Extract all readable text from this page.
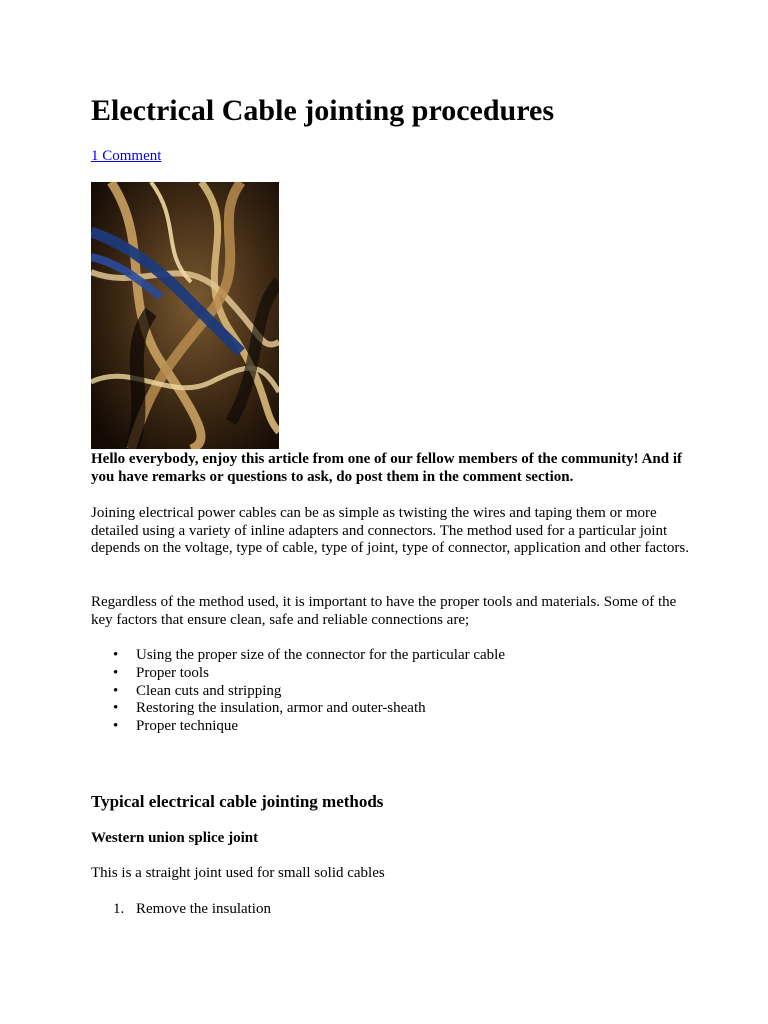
Electrical Cable jointing procedures
1 Comment

Hello everybody, enjoy this article from one of our fellow members of the community! And if you have remarks or questions to ask, do post them in the comment section.

Joining electrical power cables can be as simple as twisting the wires and taping them or more detailed using a variety of inline adapters and connectors. The method used for a particular joint depends on the voltage, type of cable, type of joint, type of connector, application and other factors.

Regardless of the method used, it is important to have the proper tools and materials. Some of the key factors that ensure clean, safe and reliable connections are;

• Using the proper size of the connector for the particular cable
• Proper tools
• Clean cuts and stripping
• Restoring the insulation, armor and outer-sheath
• Proper technique
Typical electrical cable jointing methods
Western union splice joint

This is a straight joint used for small solid cables

1. Remove the insulation
